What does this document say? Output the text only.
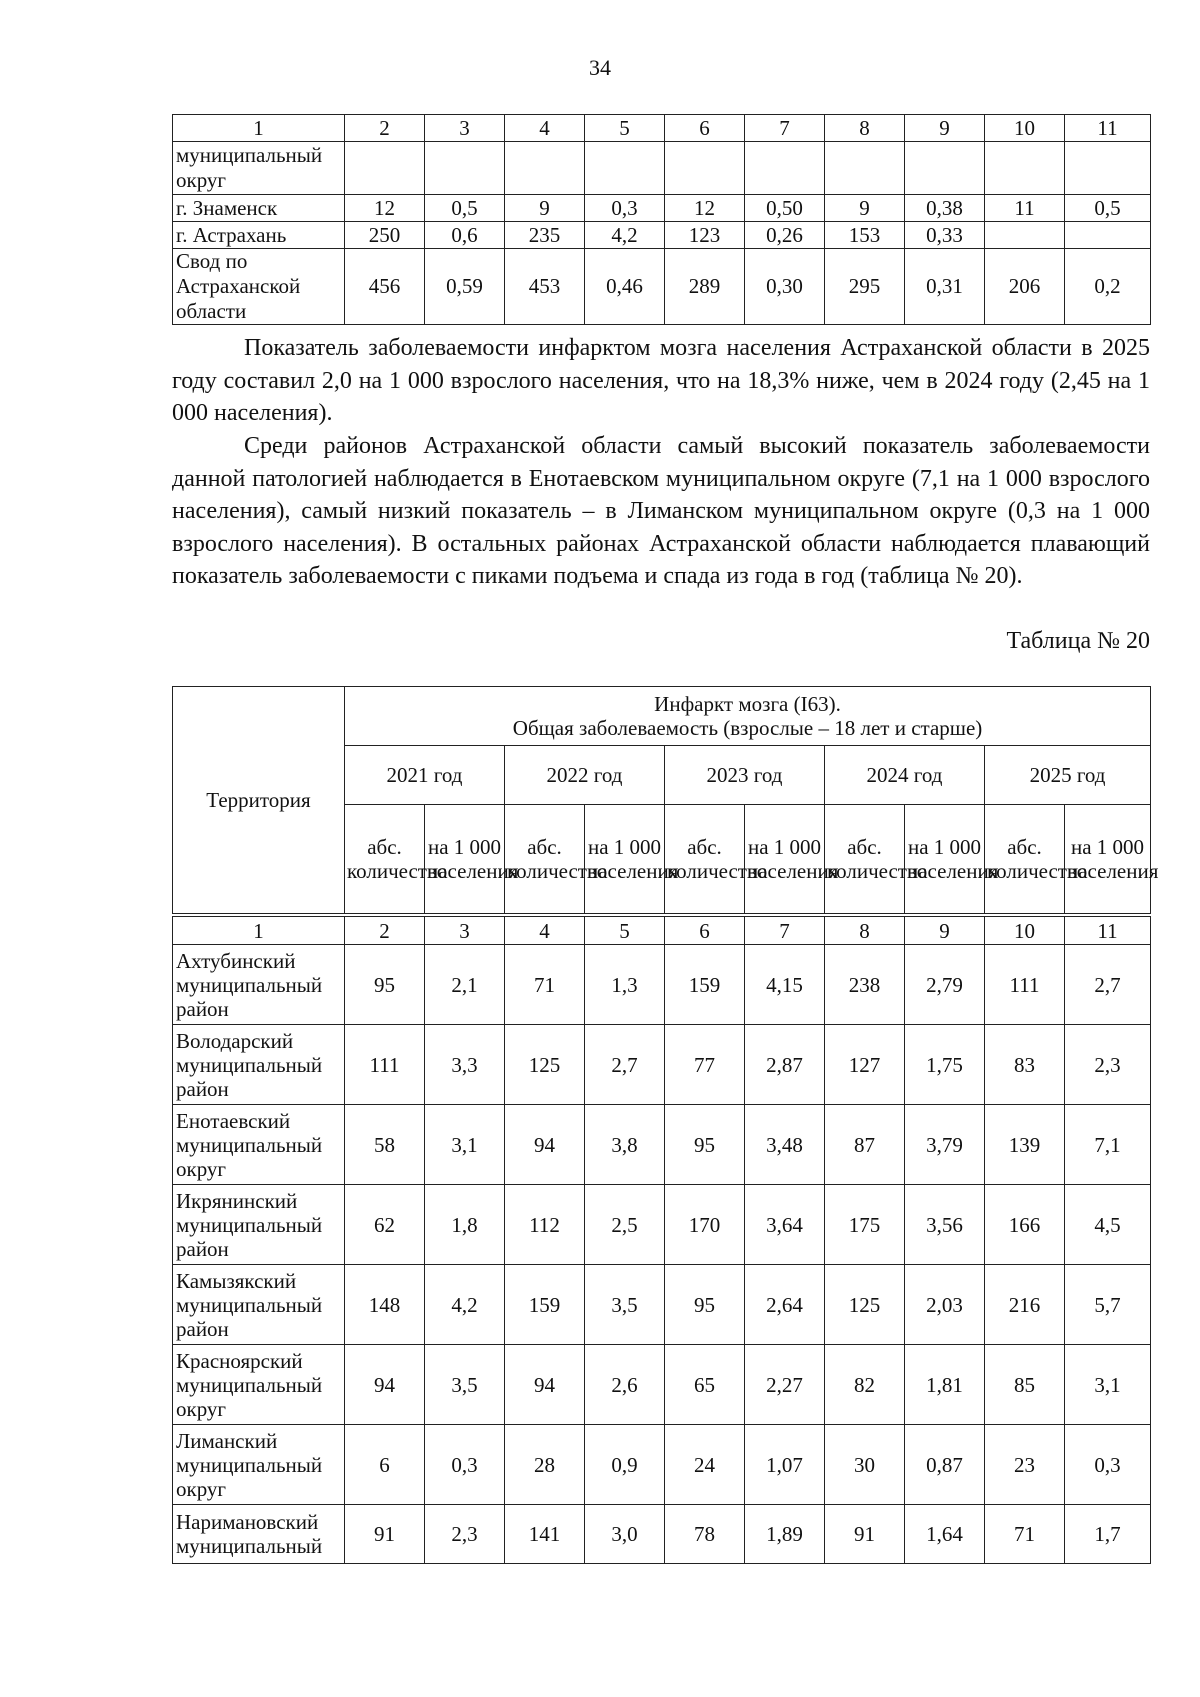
34
1	2	3	4	5	6	7	8	9	10	11
муниципальный округ										
г. Знаменск	12	0,5	9	0,3	12	0,50	9	0,38	11	0,5
г. Астрахань	250	0,6	235	4,2	123	0,26	153	0,33		
Свод по Астраханской области	456	0,59	453	0,46	289	0,30	295	0,31	206	0,2

Показатель заболеваемости инфарктом мозга населения Астраханской области в 2025 году составил 2,0 на 1 000 взрослого населения, что на 18,3% ниже, чем в 2024 году (2,45 на 1 000 населения).

Среди районов Астраханской области самый высокий показатель заболеваемости данной патологией наблюдается в Енотаевском муниципальном округе (7,1 на 1 000 взрослого населения), самый низкий показатель – в Лиманском муниципальном округе (0,3 на 1 000 взрослого населения). В остальных районах Астраханской области наблюдается плавающий показатель заболеваемости с пиками подъема и спада из года в год (таблица № 20).

Таблица № 20
Территория	Инфаркт мозга (I63).
Общая заболеваемость (взрослые – 18 лет и старше)									

	2021 год		2022 год		2023 год		2024 год		2025 год	
	абс. количество	на 1 000 населения	абс. количество	на 1 000 населения	абс. количество	на 1 000 населения	абс. количество	на 1 000 населения	абс. количество	на 1 000 населения
1	2	3	4	5	6	7	8	9	10	11
Ахтубинский муниципальный район	95	2,1	71	1,3	159	4,15	238	2,79	111	2,7
Володарский муниципальный район	111	3,3	125	2,7	77	2,87	127	1,75	83	2,3
Енотаевский муниципальный округ	58	3,1	94	3,8	95	3,48	87	3,79	139	7,1
Икрянинский муниципальный район	62	1,8	112	2,5	170	3,64	175	3,56	166	4,5
Камызякский муниципальный район	148	4,2	159	3,5	95	2,64	125	2,03	216	5,7
Красноярский муниципальный округ	94	3,5	94	2,6	65	2,27	82	1,81	85	3,1
Лиманский муниципальный округ	6	0,3	28	0,9	24	1,07	30	0,87	23	0,3
Наримановский муниципальный	91	2,3	141	3,0	78	1,89	91	1,64	71	1,7
